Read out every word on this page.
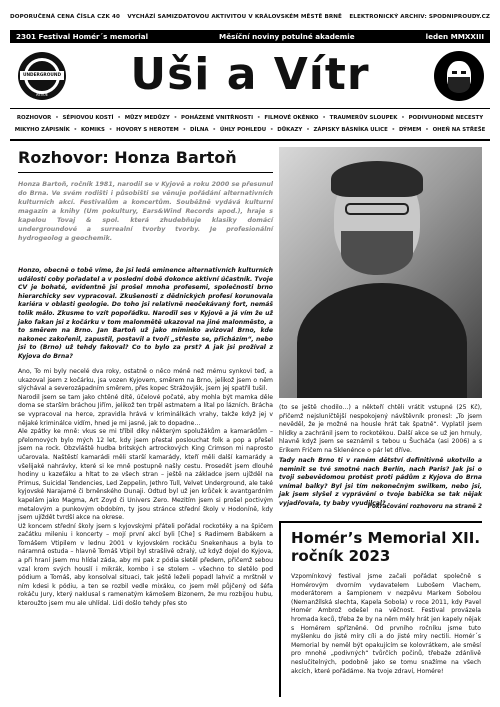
DOPORUČENÁ CENA ČÍSLA CZK 40 VYCHÁZÍ SAMIZDATOVOU AKTIVITOU V KRÁLOVSKÉM MĚSTĚ BRNĚ ELEKTRONICKÝ ARCHIV: SPODNIPROUDY.CZ
2301 Festival Homér´s memorial	Měsíční noviny potulné akademie	leden MMXXIII
UNDERGROUND
REVUE	Uši a Vítr
ROZHOVOR • SÉPIOVOU KOSTÍ • MŮZY MEDŮZY • POHÁZENÉ VNITŘNOSTI • FILMOVÉ OKÉNKO • TRAUMERŮV SLOUPEK • PODIVUHODNÉ NECESTY
MIKYHO ZÁPISNÍK • KOMIKS • HOVORY S HEROTEM • DÍLNA • ÚHLY POHLEDU • DŮKAZY • ZÁPISKY BÁSNÍKA ULICE • DÝMEM • OHEŇ NA STŘEŠE
Rozhovor: Honza Bartoň
Honza Bartoň, ročník 1981, narodil se v Kyjově a roku 2000 se přesunul do Brna. Ve svém rodišti i působišti se věnuje pořádání alternativních kulturních akcí. Festivalům a koncertům. Souběžně vydává kulturní magazín a knihy (Um pokultury, Ears&Wind Records apod.), hraje s kapelou Tovaj & spol. která zhudebňuje klasiky domácí undergroundové a surrealní tvorby tvorby. Je profesionální hydrogeolog a geochemik.
Honzo, obecně o tobě víme, že jsi ledá eminence alternativních kulturních událostí coby pořadatel a v poslední době dokonce aktivní účastník. Tvoje CV je bohaté, evidentně jsi prošel mnoha profesemi, společnosti brno hierarchicky sev vypracoval. Zkušenosti z dědnických profesí korunovala kariéra v oblasti geologie. Do toho jsi relativně neočekávaný fort, nemáš tolik málo. Zkusme to vzít popořádku. Narodil ses v Kyjově a já vím že už jako fakan jsi z kočárku v tom malonmětě ukazoval na jiné malonměsto, a to směrem na Brno. Jan Bartoň už jako miminko avizoval Brno, kde nakonec zakořenil, zapustil, postavil a tvoří „střeste se, přicházím“, nebo jsi to (Brno) už tehdy fakoval? Co to bylo za prst? A jak jsi prožíval z Kyjova do Brna?

Ano, To mi byly necelé dva roky, ostatně o něco méně než mému synkovi teď, a ukazoval jsem z kočárku, jsa vozen Kyjovem, směrem na Brno, jelikož jsem o něm slýchával a severozápadním směrem, přes kopec Strážovják, jsem jej spatřil tušil.

Narodil jsem se tam jako chtěné dítě, účelové počaté, aby mohla být mamka děle doma se starším bráchou Jiřím, jelikož ten trpěl astmatem a lítal po lázních. Brácha se vypracoval na herce, zpravidla hrává v kriminálkách vrahy, takže když jej v nějaké kriminálce vidím, hned je mi jasné, jak to dopadne…

Ale zpátky ke mně: vkus se mi tříbil díky některým spolužákům a kamarádům – přelomových bylo mých 12 let, kdy jsem přestal poslouchat folk a pop a přešel jsem na rock. Obzvláště hudba britských artrockových King Crimson mi naprosto učarovala. Naštěstí kamarádi měli starší kamarády, kteří měli další kamarády a všelijaké nahrávky, které si ke mně postupně našly cestu. Prosedět jsem dlouhé hodiny u kazeťáku a hltat to ze všech stran – ještě na základce jsem ujížděl na Primus, Suicidal Tendencies, Led Zeppelin, Jethro Tull, Velvet Underground, ale také kyjovské Narajamé či brněnského Dunaji. Odtud byl už jen krůček k avantgardním kapelám jako Magma, Art Zoyd či Univers Zero. Mezitím jsem si prošel poctivým metalovým a punkovým obdobím, ty jsou stránce střední školy v Hodoníně, kdy jsem ujíždět tvrdší akce na okrese.

Už koncem střední školy jsem s kyjovskými přáteli pořádal rockotéky a na špičem začátku mileniu i koncerty – mojí první akcí byli [Che] s Radimem Babákem a Tomášem Vtipilem v lednu 2001 v kyjovském rockáču Snekenhaus a byla to náramná ostuda – hlavně Tomáš Vtipil byl strašlivě ožralý, už když dojel do Kyjova, a při hraní jsem mu hlídal záda, aby mi pak z pódia sletěl předem, přičemž sebou vzal krom svých houslí i mikrák, kombo i se stolem – všechno to sletělo pod pódium a Tomáš, aby konsolval situaci, tak ještě leželi popadl lahvič a mrštněl v ním kdesi k pódiu, a ten se rozbil vedle mixáku, co jsem měl půjčený od šéfa rokáču Jury, který naklusal s ramenatým kámošem Bizonem, že mu rozbijou hubu, kteroužto jsem mu ale uhlídal. Lidi došlo tehdy přes sto

(to se ještě chodilo…) a někteří chtěli vrátit vstupné (25 Kč), přičemž nejsluníčtější nespokojený návštěvník pronesl: „To jsem nevěděl, že je možné na housle hrát tak špatně“. Vyplatil jsem hlídky a zachránil jsem to rockotékou. Další akce se už jen hrnuly, hlavně když jsem se seznámil s tebou u Šucháča (asi 2006) a s Erikem Fričem na Sklenénce o pár let dříve.
Tady nach Brno ti v raném dětství definitivně ukotvilo a neminit se tvé smotné nach Berlín, nach Paris? Jak jsi o tvoji sebevědomou protést proti pádům z Kyjova do Brna vnímal balky? Byl jsi tím nekonečným swilkem, nebo jsi, jak jsem slyšel z vyprávění o tvoje babička se tak nějak vyjadřovala, ty baby vyudilcal?
Pokračování rozhovoru na straně 2
Homér’s Memorial XII. ročník 2023
Vzpomínkový festival jsme začali pořádat společně s Homérovým dvorním vydavatelem Lubošem Vlachem, moderátorem a šampionem v nezpěvu Markem Sobolou (Nemanžílská slechta, Kapela Sobola) v roce 2011, kdy Pavel Homér Ambrož odešel na věčnost. Festival provázela hromada keců, třeba že by na něm měly hrát jen kapely nějak s Homérem spřízněné. Od prvního ročníku jsme tuto myšlenku do jisté míry cíli a do jisté míry nectili. Homér´s Memorial by neměl být opakujícím se kolovrátkem, ale směsí pro mnohé „podivných“ tvůrčích počinů, třebaže zdánlivě neslučitelných, podobně jako se tomu snažíme na všech akcích, které pořádáme. Na tvoje zdraví, Homére!
